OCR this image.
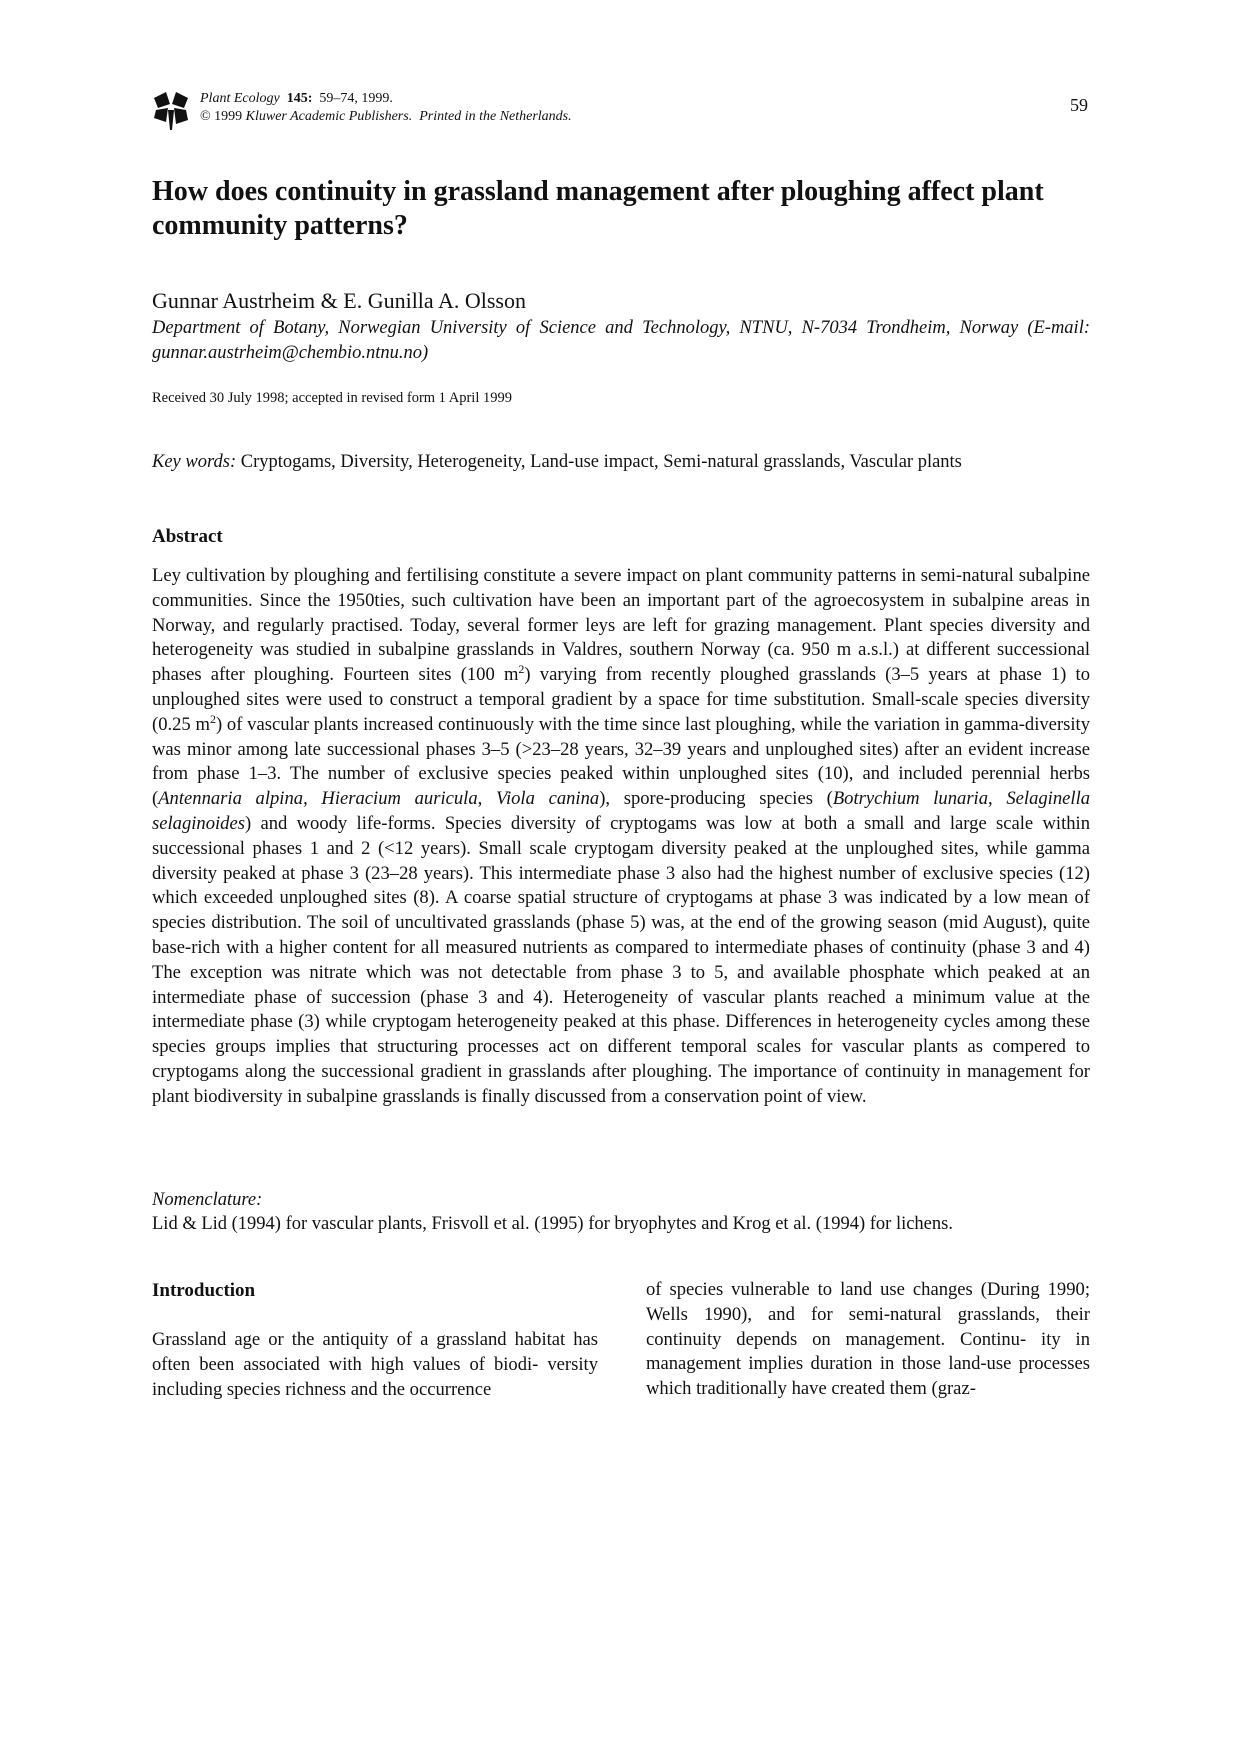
Plant Ecology 145: 59–74, 1999.
© 1999 Kluwer Academic Publishers. Printed in the Netherlands.
59
How does continuity in grassland management after ploughing affect plant community patterns?
Gunnar Austrheim & E. Gunilla A. Olsson
Department of Botany, Norwegian University of Science and Technology, NTNU, N-7034 Trondheim, Norway (E-mail: gunnar.austrheim@chembio.ntnu.no)
Received 30 July 1998; accepted in revised form 1 April 1999
Key words: Cryptogams, Diversity, Heterogeneity, Land-use impact, Semi-natural grasslands, Vascular plants
Abstract

Ley cultivation by ploughing and fertilising constitute a severe impact on plant community patterns in semi-natural subalpine communities. Since the 1950ties, such cultivation have been an important part of the agroecosystem in subalpine areas in Norway, and regularly practised. Today, several former leys are left for grazing management. Plant species diversity and heterogeneity was studied in subalpine grasslands in Valdres, southern Norway (ca. 950 m a.s.l.) at different successional phases after ploughing. Fourteen sites (100 $m^2$) varying from recently ploughed grasslands (3–5 years at phase 1) to unploughed sites were used to construct a temporal gradient by a space for time substitution. Small-scale species diversity (0.25 $m^2$) of vascular plants increased continuously with the time since last ploughing, while the variation in gamma-diversity was minor among late successional phases 3–5 (>23–28 years, 32–39 years and unploughed sites) after an evident increase from phase 1–3. The number of exclusive species peaked within unploughed sites (10), and included perennial herbs (Antennaria alpina, Hieracium auricula, Viola canina), spore-producing species (Botrychium lunaria, Selaginella selaginoides) and woody life-forms. Species diversity of cryptogams was low at both a small and large scale within successional phases 1 and 2 (<12 years). Small scale cryptogam diversity peaked at the unploughed sites, while gamma diversity peaked at phase 3 (23–28 years). This intermediate phase 3 also had the highest number of exclusive species (12) which exceeded unploughed sites (8). A coarse spatial structure of cryptogams at phase 3 was indicated by a low mean of species distribution. The soil of uncultivated grasslands (phase 5) was, at the end of the growing season (mid August), quite base-rich with a higher content for all measured nutrients as compared to intermediate phases of continuity (phase 3 and 4) The exception was nitrate which was not detectable from phase 3 to 5, and available phosphate which peaked at an intermediate phase of succession (phase 3 and 4). Heterogeneity of vascular plants reached a minimum value at the intermediate phase (3) while cryptogam heterogeneity peaked at this phase. Differences in heterogeneity cycles among these species groups implies that structuring processes act on different temporal scales for vascular plants as compered to cryptogams along the successional gradient in grasslands after ploughing. The importance of continuity in management for plant biodiversity in subalpine grasslands is finally discussed from a conservation point of view.

Nomenclature:
Lid & Lid (1994) for vascular plants, Frisvoll et al. (1995) for bryophytes and Krog et al. (1994) for lichens.
Introduction

Grassland age or the antiquity of a grassland habitat has often been associated with high values of biodi- versity including species richness and the occurrence

of species vulnerable to land use changes (During 1990; Wells 1990), and for semi-natural grasslands, their continuity depends on management. Continu- ity in management implies duration in those land-use processes which traditionally have created them (graz-
